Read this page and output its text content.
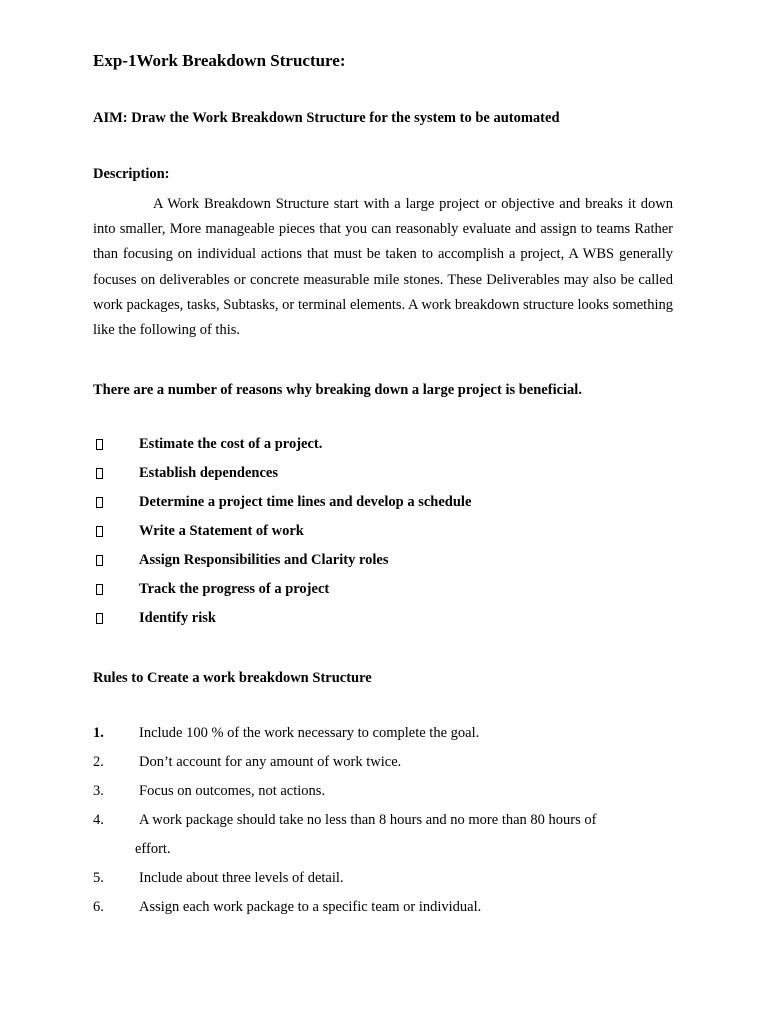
Exp-1Work Breakdown Structure:
AIM: Draw the Work Breakdown Structure for the system to be automated
Description:

A Work Breakdown Structure start with a large project or objective and breaks it down into smaller, More manageable pieces that you can reasonably evaluate and assign to teams Rather than focusing on individual actions that must be taken to accomplish a project, A WBS generally focuses on deliverables or concrete measurable mile stones. These Deliverables may also be called work packages, tasks, Subtasks, or terminal elements. A work breakdown structure looks something like the following of this.

There are a number of reasons why breaking down a large project is beneficial.
Estimate the cost of a project.
Establish dependences
Determine a project time lines and develop a schedule
Write a Statement of work
Assign Responsibilities and Clarity roles
Track the progress of a project
Identify risk
Rules to Create a work breakdown Structure
1. Include 100 % of the work necessary to complete the goal.
2. Don’t account for any amount of work twice.
3. Focus on outcomes, not actions.
4. A work package should take no less than 8 hours and no more than 80 hours of
effort.
5. Include about three levels of detail.
6. Assign each work package to a specific team or individual.
